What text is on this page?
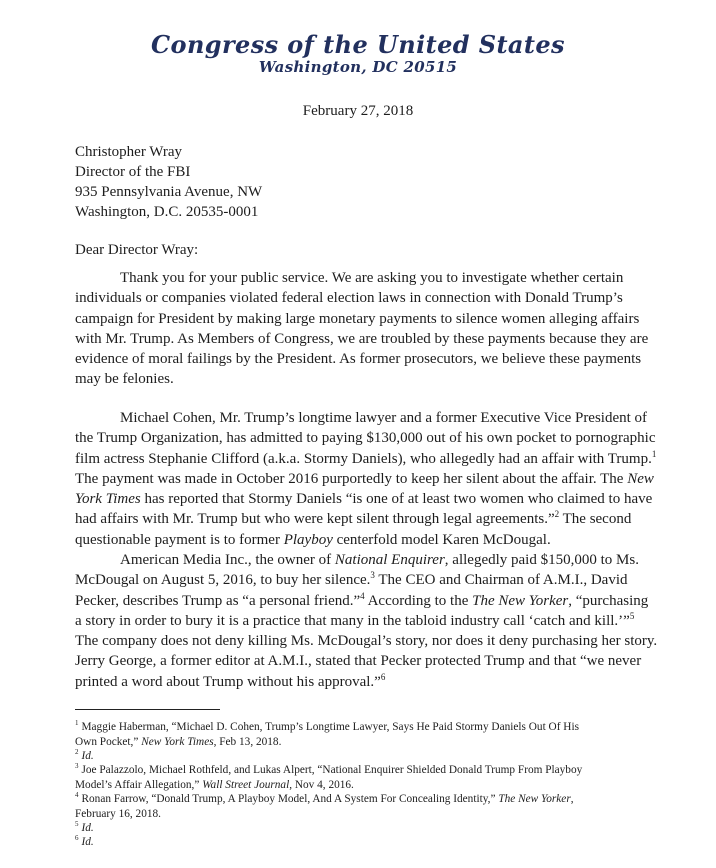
Congress of the United States
Washington, DC 20515
February 27, 2018
Christopher Wray
Director of the FBI
935 Pennsylvania Avenue, NW
Washington, D.C. 20535-0001
Dear Director Wray:
Thank you for your public service. We are asking you to investigate whether certain
individuals or companies violated federal election laws in connection with Donald Trump’s
campaign for President by making large monetary payments to silence women alleging affairs
with Mr. Trump. As Members of Congress, we are troubled by these payments because they are
evidence of moral failings by the President. As former prosecutors, we believe these payments
may be felonies.
Michael Cohen, Mr. Trump’s longtime lawyer and a former Executive Vice President of
the Trump Organization, has admitted to paying $130,000 out of his own pocket to pornographic
film actress Stephanie Clifford (a.k.a. Stormy Daniels), who allegedly had an affair with Trump.$^1$
The payment was made in October 2016 purportedly to keep her silent about the affair. The New
York Times has reported that Stormy Daniels “is one of at least two women who claimed to have
had affairs with Mr. Trump but who were kept silent through legal agreements.”$^2$ The second
questionable payment is to former Playboy centerfold model Karen McDougal.
American Media Inc., the owner of National Enquirer, allegedly paid $150,000 to Ms.
McDougal on August 5, 2016, to buy her silence.$^3$ The CEO and Chairman of A.M.I., David
Pecker, describes Trump as “a personal friend.”$^4$ According to the The New Yorker, “purchasing
a story in order to bury it is a practice that many in the tabloid industry call ‘catch and kill.’”$^5$
The company does not deny killing Ms. McDougal’s story, nor does it deny purchasing her story.
Jerry George, a former editor at A.M.I., stated that Pecker protected Trump and that “we never
printed a word about Trump without his approval.”$^6$
$^1$ Maggie Haberman, “Michael D. Cohen, Trump’s Longtime Lawyer, Says He Paid Stormy Daniels Out Of His
Own Pocket,” New York Times, Feb 13, 2018.
$^2$ Id.
$^3$ Joe Palazzolo, Michael Rothfeld, and Lukas Alpert, “National Enquirer Shielded Donald Trump From Playboy
Model’s Affair Allegation,” Wall Street Journal, Nov 4, 2016.
$^4$ Ronan Farrow, “Donald Trump, A Playboy Model, And A System For Concealing Identity,” The New Yorker,
February 16, 2018.
$^5$ Id.
$^6$ Id.
